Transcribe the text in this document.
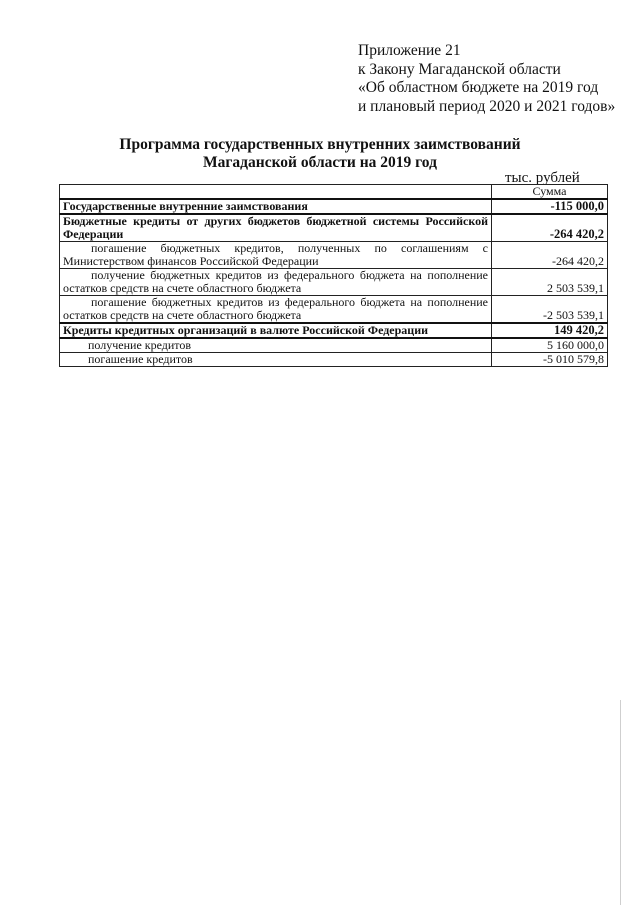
Приложение 21
к Закону Магаданской области
«Об областном бюджете на 2019 год
и плановый период 2020 и 2021 годов»
Программа государственных внутренних заимствований
Магаданской области на 2019 год
тыс. рублей
	Сумма
Государственные внутренние заимствования	-115 000,0
Бюджетные кредиты от других бюджетов бюджетной системы Российской Федерации	-264 420,2
погашение бюджетных кредитов, полученных по соглашениям с Министерством финансов Российской Федерации	-264 420,2
получение бюджетных кредитов из федерального бюджета на пополнение остатков средств на счете областного бюджета	2 503 539,1
погашение бюджетных кредитов из федерального бюджета на пополнение остатков средств на счете областного бюджета	-2 503 539,1
Кредиты кредитных организаций в валюте Российской Федерации	149 420,2
получение кредитов	5 160 000,0
погашение кредитов	-5 010 579,8
